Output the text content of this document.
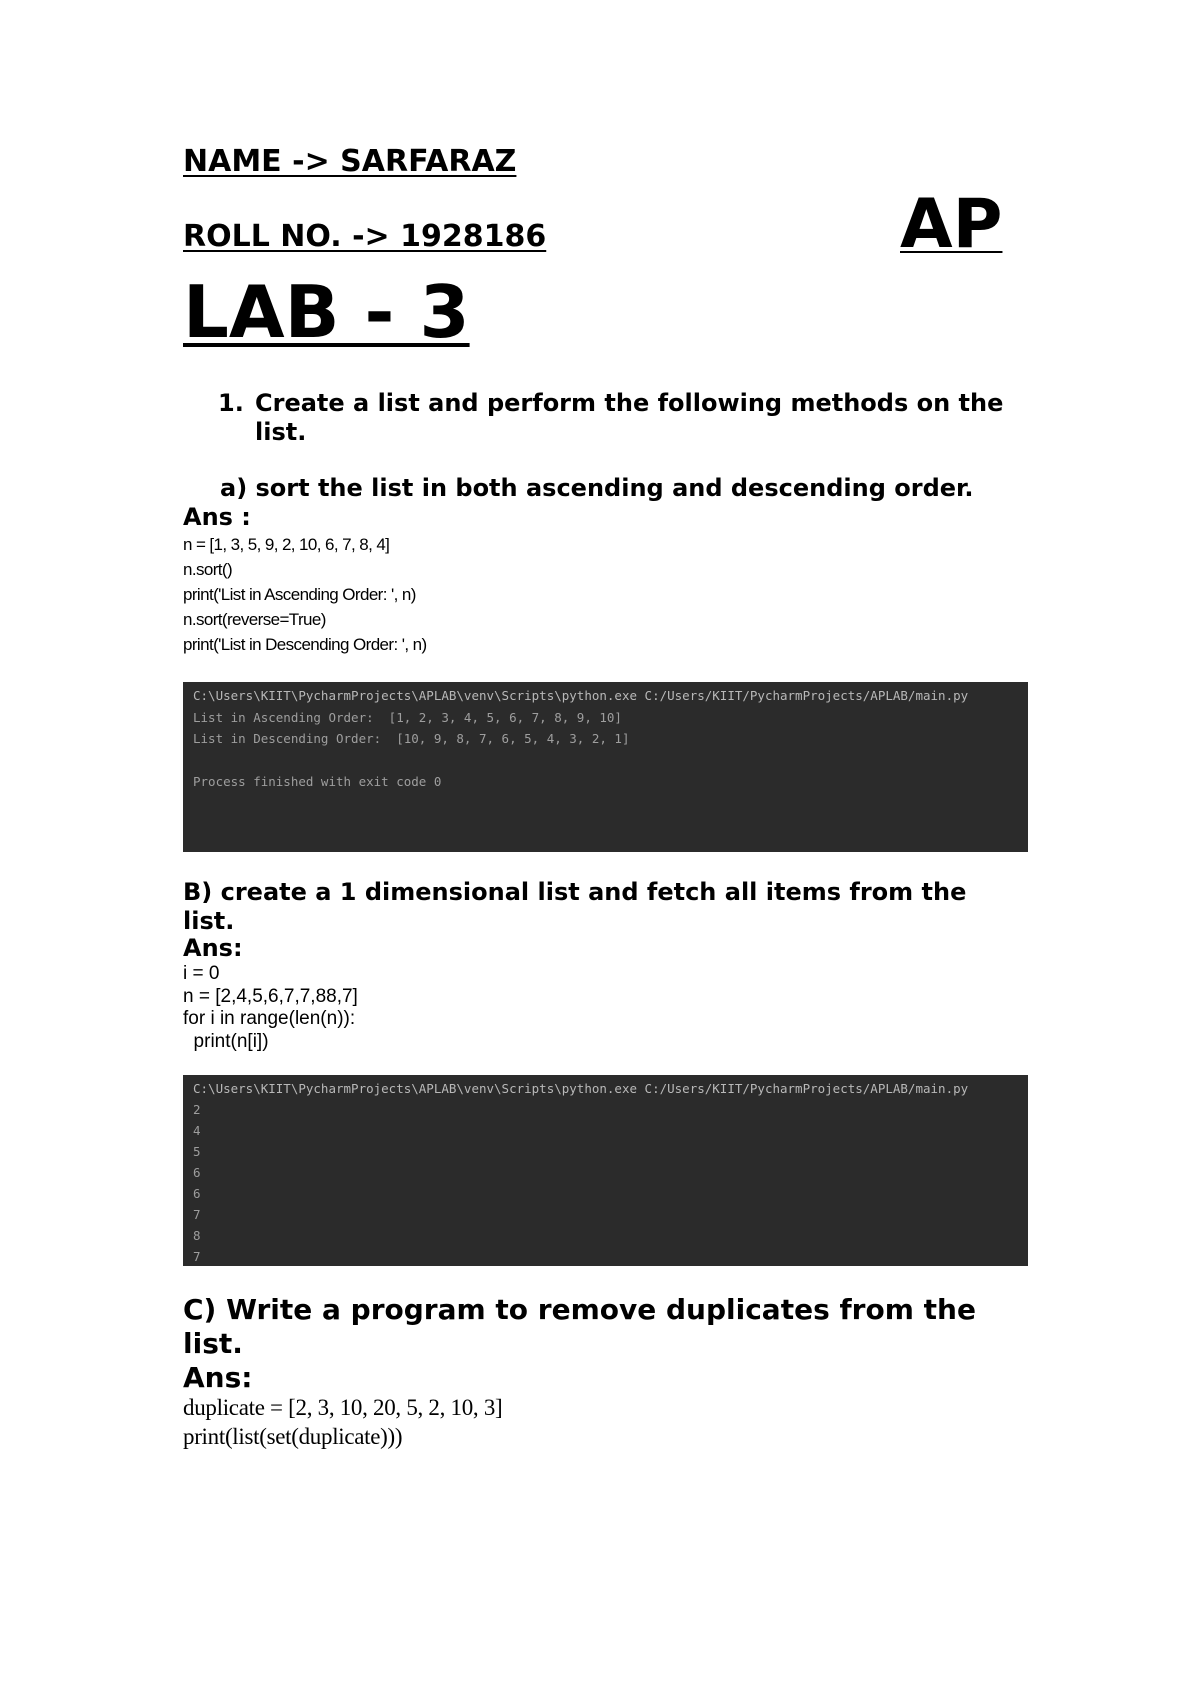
NAME -> SARFARAZ

ROLL NO. -> 1928186	AP

LAB - 3

1. Create a list and perform the following methods on the
list.

a) sort the list in both ascending and descending order.

Ans :

n = [1, 3, 5, 9, 2, 10, 6, 7, 8, 4]
n.sort()
print('List in Ascending Order: ', n)
n.sort(reverse=True)
print('List in Descending Order: ', n)
C:\Users\KIIT\PycharmProjects\APLAB\venv\Scripts\python.exe C:/Users/KIIT/PycharmProjects/APLAB/main.py
List in Ascending Order:  [1, 2, 3, 4, 5, 6, 7, 8, 9, 10]
List in Descending Order:  [10, 9, 8, 7, 6, 5, 4, 3, 2, 1]
Process finished with exit code 0
B) create a 1 dimensional list and fetch all items from the
list.

Ans:

i = 0
n = [2,4,5,6,7,7,88,7]
for i in range(len(n)):
print(n[i])
C:\Users\KIIT\PycharmProjects\APLAB\venv\Scripts\python.exe C:/Users/KIIT/PycharmProjects/APLAB/main.py
2
4
5
6
6
7
8
7
C) Write a program to remove duplicates from the
list.

Ans:

duplicate = [2, 3, 10, 20, 5, 2, 10, 3]
print(list(set(duplicate)))
